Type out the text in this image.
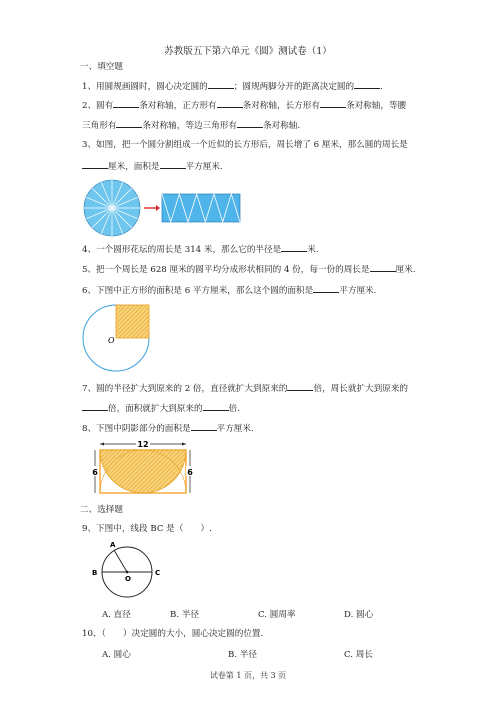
苏教版五下第六单元《圆》测试卷（1）
一、填空题
1、用圆规画圆时，圆心决定圆的	；圆规两脚分开的距离决定圆的	.
2、圆有	条对称轴，正方形有	条对称轴，长方形有	条对称轴，等腰
三角形有	条对称轴，等边三角形有	条对称轴.
3、如图，把一个圆分割组成一个近似的长方形后，周长增了 6 厘米，那么圆的周长是
厘米，面积是	平方厘米.
4、一个圆形花坛的周长是 314 米，那么它的半径是	米.
5、把一个周长是 628 厘米的圆平均分成形状相同的 4 份，每一份的周长是	厘米.
6、下图中正方形的面积是 6 平方厘米，那么这个圆的面积是	平方厘米.
O
7、圆的半径扩大到原来的 2 倍，直径就扩大到原来的	倍，周长就扩大到原来的
倍，面积就扩大到原来的	倍.
8、下图中阴影部分的面积是	平方厘米.
12
6	6
二、选择题
9、下图中，线段 BC 是（　　）.
A
B
O
C
A. 直径	B. 半径	C. 圆周率	D. 圆心
10、（　　）决定圆的大小，圆心决定圆的位置.
A. 圆心	B. 半径	C. 周长
试卷第 1 页，共 3 页
